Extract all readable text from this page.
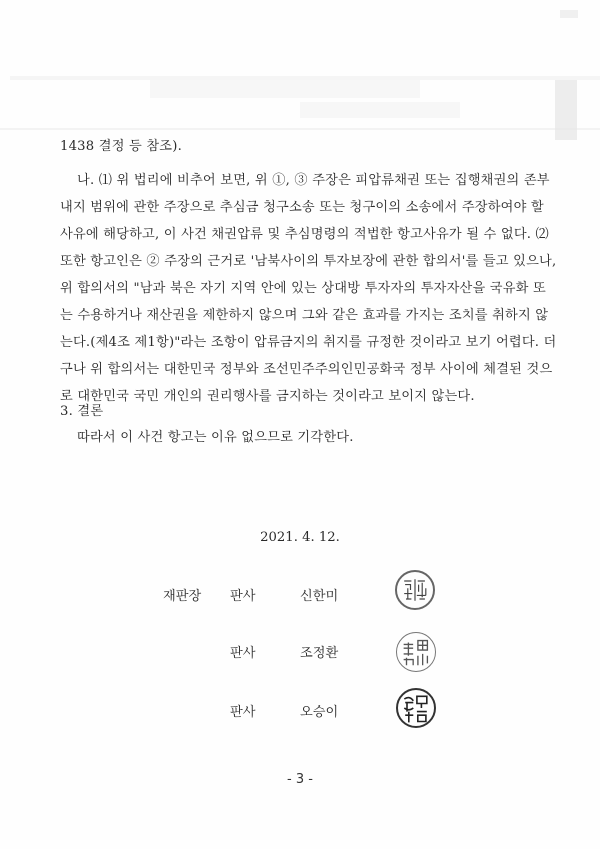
1438 결정 등 참조).
나. ⑴ 위 법리에 비추어 보면, 위 ①, ③ 주장은 피압류채권 또는 집행채권의 존부
내지 범위에 관한 주장으로 추심금 청구소송 또는 청구이의 소송에서 주장하여야 할
사유에 해당하고, 이 사건 채권압류 및 추심명령의 적법한 항고사유가 될 수 없다. ⑵
또한 항고인은 ② 주장의 근거로 '남북사이의 투자보장에 관한 합의서'를 들고 있으나,
위 합의서의 "남과 북은 자기 지역 안에 있는 상대방 투자자의 투자자산을 국유화 또
는 수용하거나 재산권을 제한하지 않으며 그와 같은 효과를 가지는 조치를 취하지 않
는다.(제4조 제1항)"라는 조항이 압류금지의 취지를 규정한 것이라고 보기 어렵다. 더
구나 위 합의서는 대한민국 정부와 조선민주주의인민공화국 정부 사이에 체결된 것으
로 대한민국 국민 개인의 권리행사를 금지하는 것이라고 보이지 않는다.
3. 결론
따라서 이 사건 항고는 이유 없으므로 기각한다.
2021. 4. 12.
재판장 판사	신한미
판사	조정환
판사	오승이
- 3 -
